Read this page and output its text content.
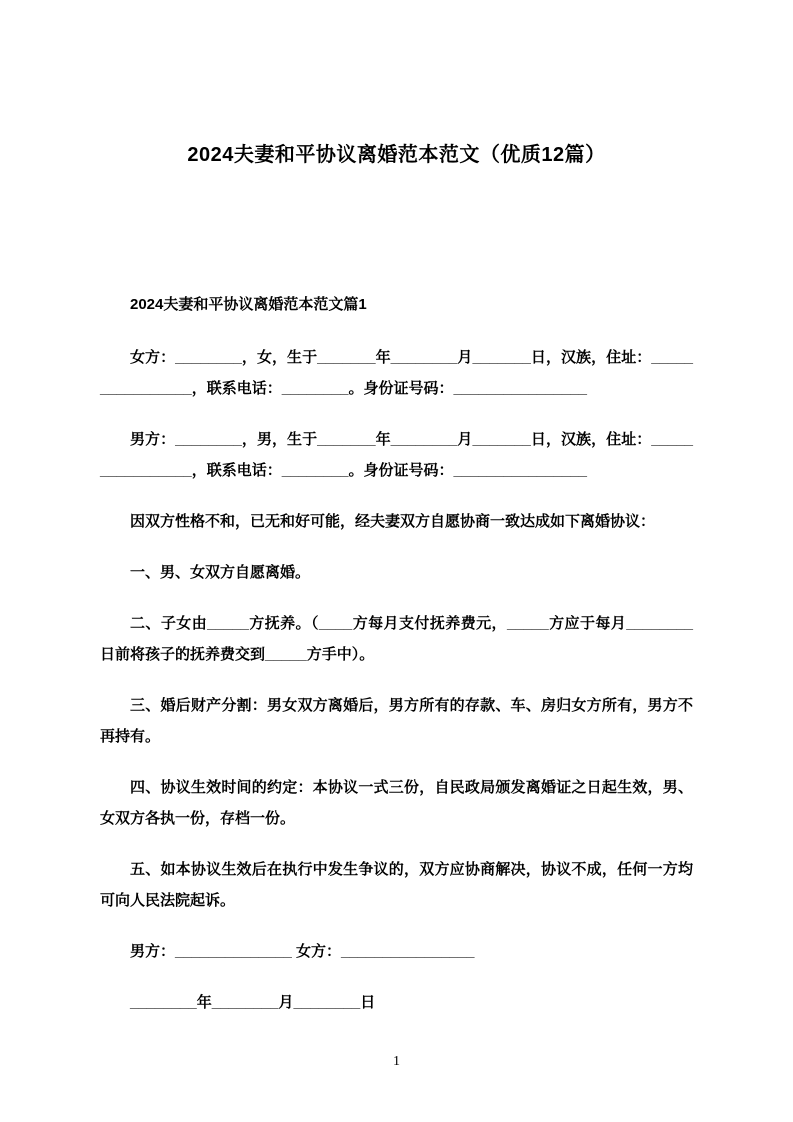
2024夫妻和平协议离婚范本范文（优质12篇）
2024夫妻和平协议离婚范本范文篇1

女方：________，女，生于_______年________月_______日，汉族，住址：________________，联系电话：________。身份证号码：________________

男方：________，男，生于_______年________月_______日，汉族，住址：________________，联系电话：________。身份证号码：________________

因双方性格不和，已无和好可能，经夫妻双方自愿协商一致达成如下离婚协议：

一、男、女双方自愿离婚。

二、子女由_____方抚养。（____方每月支付抚养费元，_____方应于每月________日前将孩子的抚养费交到_____方手中）。

三、婚后财产分割：男女双方离婚后，男方所有的存款、车、房归女方所有，男方不再持有。

四、协议生效时间的约定：本协议一式三份，自民政局颁发离婚证之日起生效，男、女双方各执一份，存档一份。

五、如本协议生效后在执行中发生争议的，双方应协商解决，协议不成，任何一方均可向人民法院起诉。

男方：______________ 女方：________________

________年________月________日

1
